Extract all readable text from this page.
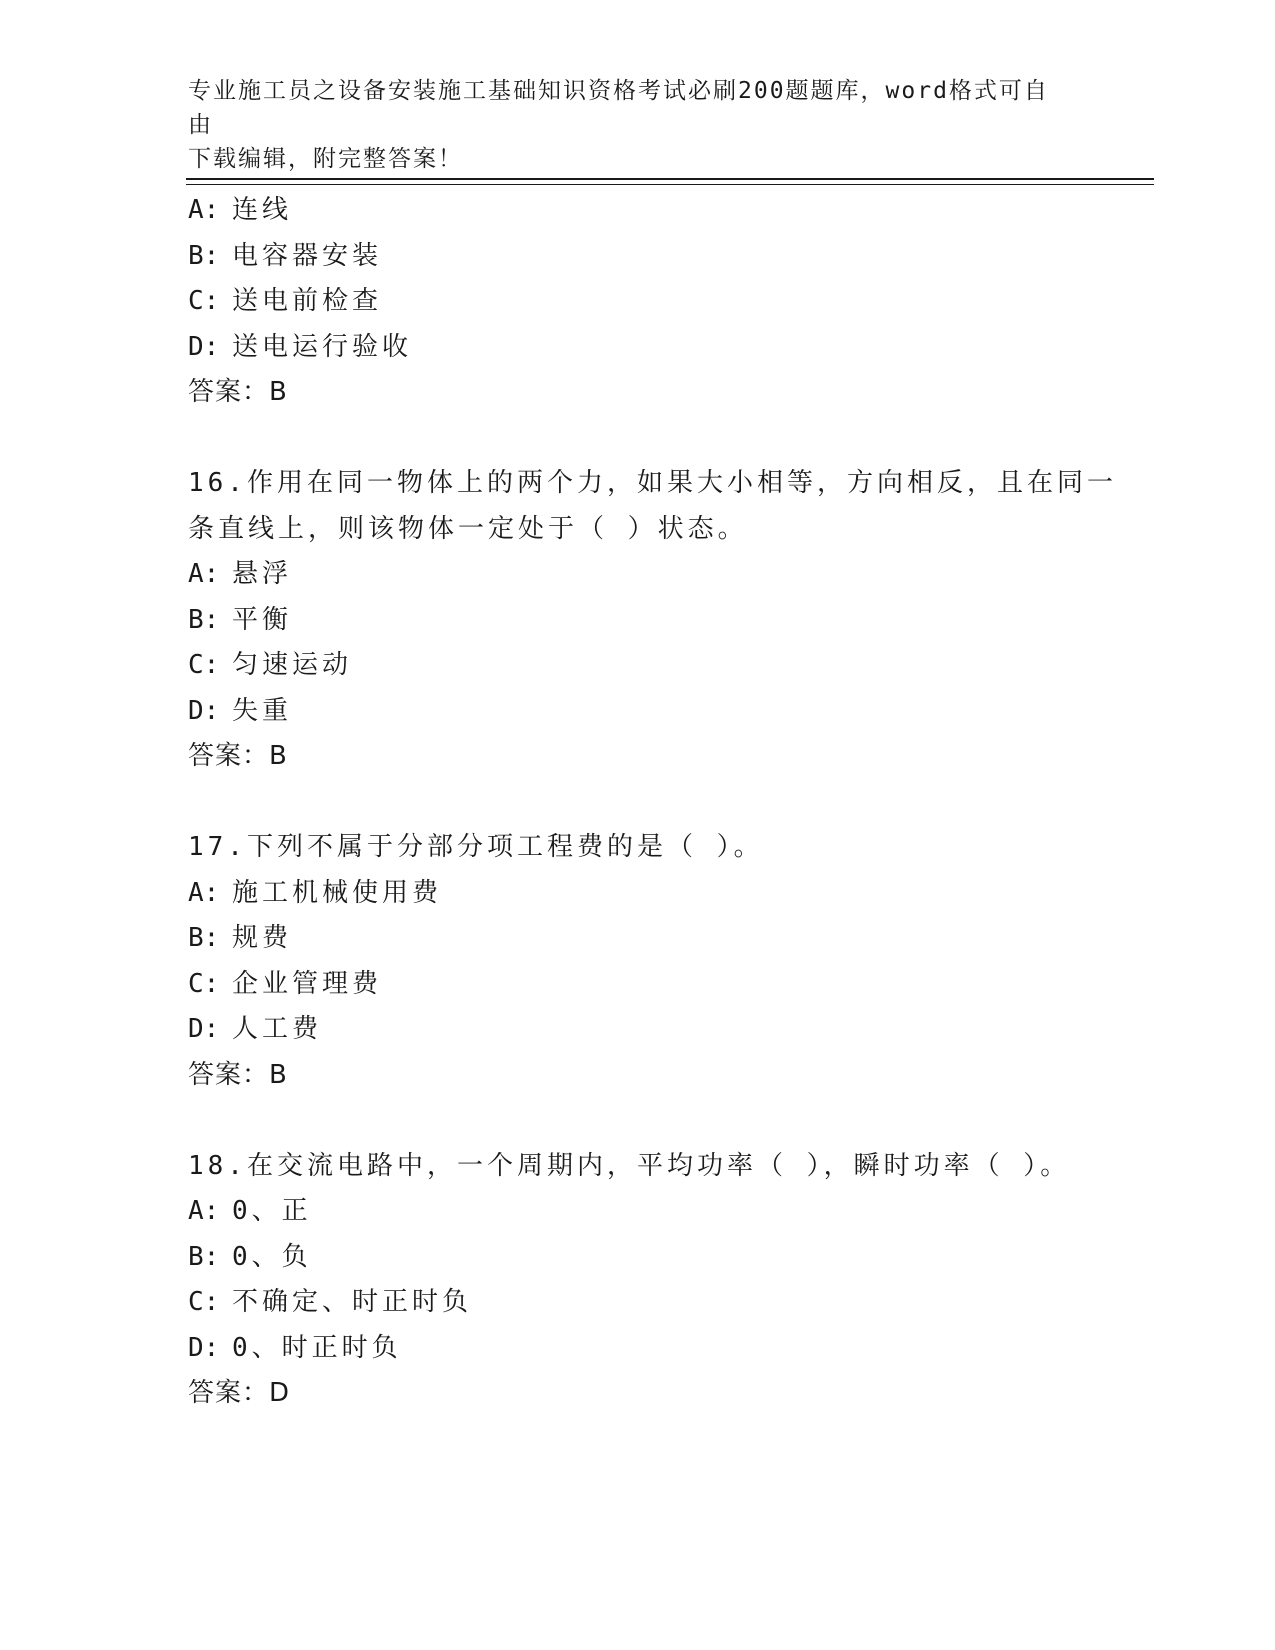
专业施工员之设备安装施工基础知识资格考试必刷200题题库，word格式可自由
下载编辑，附完整答案！
A: 连线
B: 电容器安装
C: 送电前检查
D: 送电运行验收
答案：B
16.作用在同一物体上的两个力，如果大小相等，方向相反，且在同一
条直线上，则该物体一定处于（ ）状态。
A: 悬浮
B: 平衡
C: 匀速运动
D: 失重
答案：B
17.下列不属于分部分项工程费的是（ ）。
A: 施工机械使用费
B: 规费
C: 企业管理费
D: 人工费
答案：B
18.在交流电路中，一个周期内，平均功率（ ），瞬时功率（ ）。
A: 0、正
B: 0、负
C: 不确定、时正时负
D: 0、时正时负
答案：D
